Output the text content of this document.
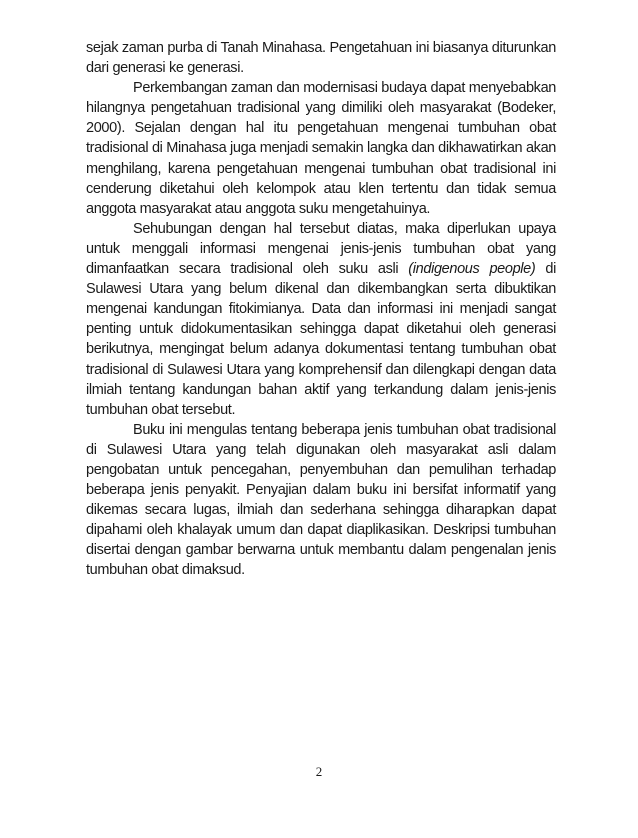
sejak zaman purba di Tanah Minahasa. Pengetahuan ini biasanya diturunkan dari generasi ke generasi.

Perkembangan zaman dan modernisasi budaya dapat menyebabkan hilangnya pengetahuan tradisional yang dimiliki oleh masyarakat (Bodeker, 2000). Sejalan dengan hal itu pengetahuan mengenai tumbuhan obat tradisional di Minahasa juga menjadi semakin langka dan dikhawatirkan akan menghilang, karena pengetahuan mengenai tumbuhan obat tradisional ini cenderung diketahui oleh kelompok atau klen tertentu dan tidak semua anggota masyarakat atau anggota suku mengetahuinya.

Sehubungan dengan hal tersebut diatas, maka diperlukan upaya untuk menggali informasi mengenai jenis-jenis tumbuhan obat yang dimanfaatkan secara tradisional oleh suku asli (indigenous people) di Sulawesi Utara yang belum dikenal dan dikembangkan serta dibuktikan mengenai kandungan fitokimianya. Data dan informasi ini menjadi sangat penting untuk didokumentasikan sehingga dapat diketahui oleh generasi berikutnya, mengingat belum adanya dokumentasi tentang tumbuhan obat tradisional di Sulawesi Utara yang komprehensif dan dilengkapi dengan data ilmiah tentang kandungan bahan aktif yang terkandung dalam jenis-jenis tumbuhan obat tersebut.

Buku ini mengulas tentang beberapa jenis tumbuhan obat tradisional di Sulawesi Utara yang telah digunakan oleh masyarakat asli dalam pengobatan untuk pencegahan, penyembuhan dan pemulihan terhadap beberapa jenis penyakit. Penyajian dalam buku ini bersifat informatif yang dikemas secara lugas, ilmiah dan sederhana sehingga diharapkan dapat dipahami oleh khalayak umum dan dapat diaplikasikan. Deskripsi tumbuhan disertai dengan gambar berwarna untuk membantu dalam pengenalan jenis tumbuhan obat dimaksud.

2
